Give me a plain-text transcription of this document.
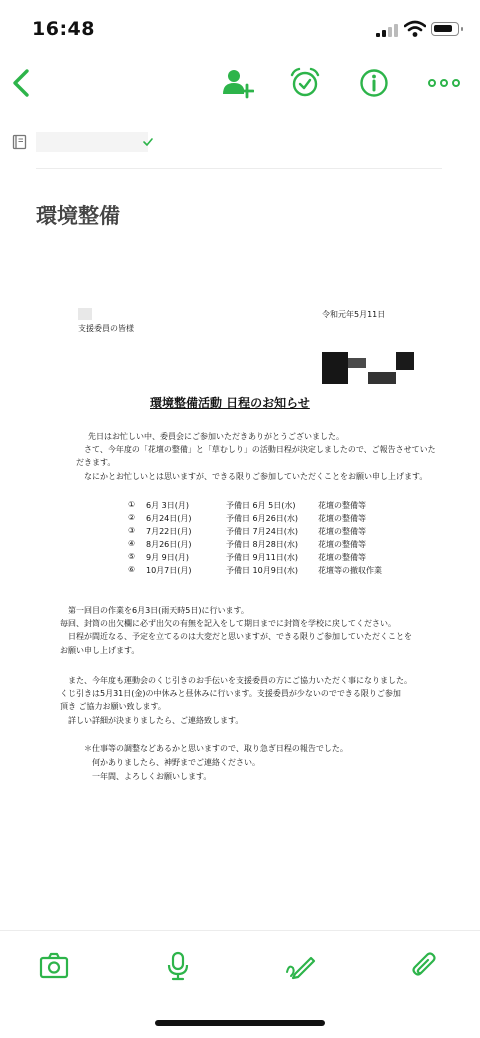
16:48
環境整備
支援委員の皆様
令和元年5月11日
環境整備活動 日程のお知らせ
先日はお忙しい中、委員会にご参加いただきありがとうございました。
さて、今年度の「花壇の整備」と「草むしり」の活動日程が決定しましたので、ご報告させていた
だきます。
なにかとお忙しいとは思いますが、できる限りご参加していただくことをお願い申し上げます。
① 6月 3日(月)	予備日 6月 5日(水)	花壇の整備等
② 6月24日(月)	予備日 6月26日(水) 花壇の整備等
③ 7月22日(月)	予備日 7月24日(水) 花壇の整備等
④ 8月26日(月)	予備日 8月28日(水) 花壇の整備等
⑤ 9月 9日(月)	予備日 9月11日(水) 花壇の整備等
⑥ 10月7日(月)	予備日 10月9日(水) 花壇等の撤収作業
第一回目の作業を6月3日(雨天時5日)に行います。
毎回、封筒の出欠欄に必ず出欠の有無を記入をして期日までに封筒を学校に戻してください。
日程が間近なる、予定を立てるのは大変だと思いますが、できる限りご参加していただくことを
お願い申し上げます。
また、今年度も運動会のくじ引きのお手伝いを支援委員の方にご協力いただく事になりました。
くじ引きは5月31日(金)の中休みと昼休みに行います。支援委員が少ないのでできる限りご参加
頂き ご協力お願い致します。
詳しい詳細が決まりましたら、ご連絡致します。
＊仕事等の調整などあるかと思いますので、取り急ぎ日程の報告でした。
何かありましたら、神野までご連絡ください。
一年間、よろしくお願いします。
